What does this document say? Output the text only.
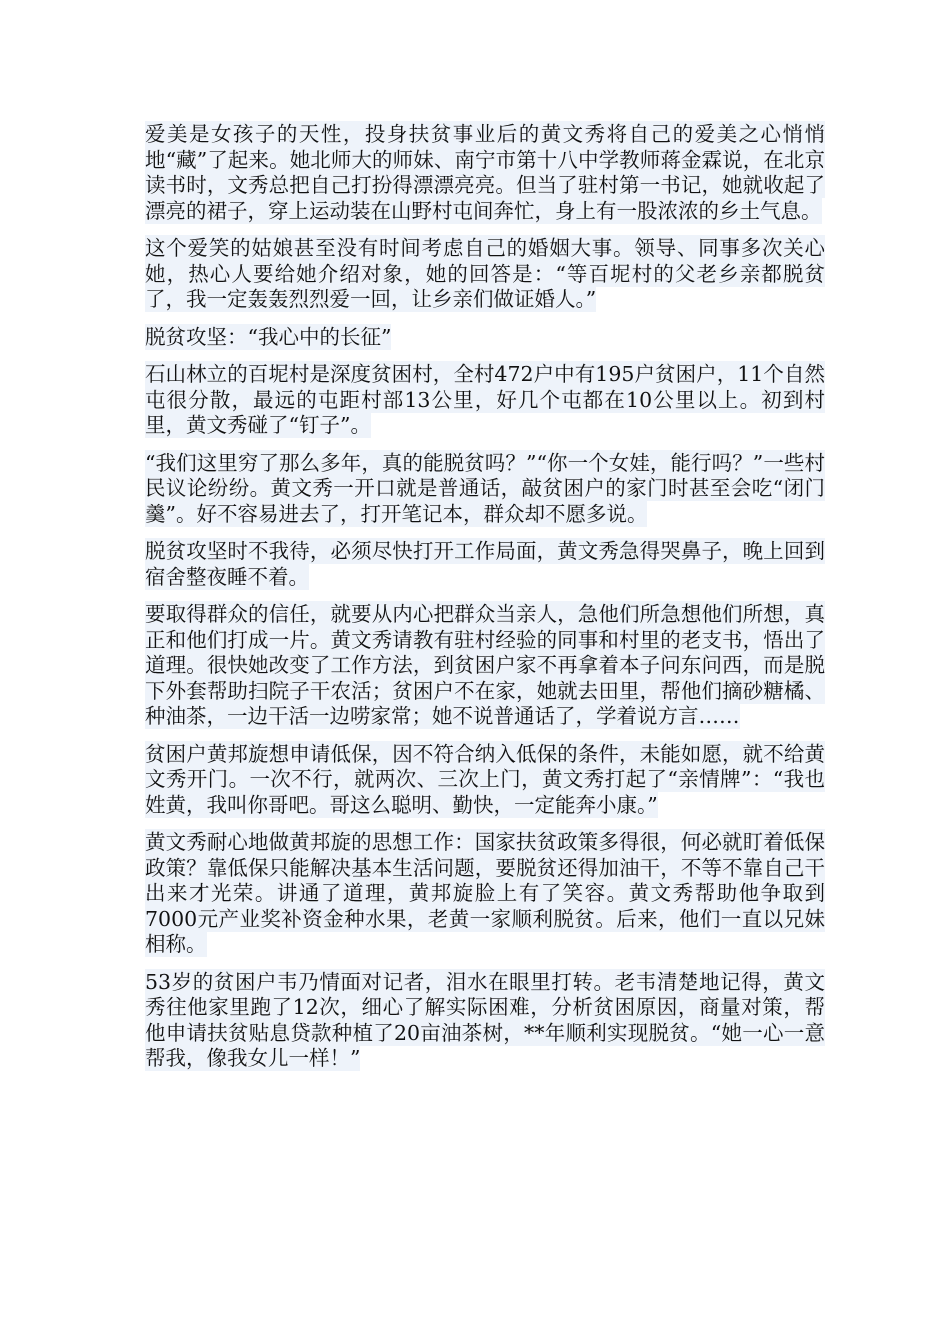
爱美是女孩子的天性，投身扶贫事业后的黄文秀将自己的爱美之心悄悄地“藏”了起来。她北师大的师妹、南宁市第十八中学教师蒋金霖说，在北京读书时，文秀总把自己打扮得漂漂亮亮。但当了驻村第一书记，她就收起了漂亮的裙子，穿上运动装在山野村屯间奔忙，身上有一股浓浓的乡土气息。

这个爱笑的姑娘甚至没有时间考虑自己的婚姻大事。领导、同事多次关心她，热心人要给她介绍对象，她的回答是：“等百坭村的父老乡亲都脱贫了，我一定轰轰烈烈爱一回，让乡亲们做证婚人。”

脱贫攻坚：“我心中的长征”

石山林立的百坭村是深度贫困村，全村472户中有195户贫困户，11个自然屯很分散，最远的屯距村部13公里，好几个屯都在10公里以上。初到村里，黄文秀碰了“钉子”。

“我们这里穷了那么多年，真的能脱贫吗？”“你一个女娃，能行吗？”一些村民议论纷纷。黄文秀一开口就是普通话，敲贫困户的家门时甚至会吃“闭门羹”。好不容易进去了，打开笔记本，群众却不愿多说。

脱贫攻坚时不我待，必须尽快打开工作局面，黄文秀急得哭鼻子，晚上回到宿舍整夜睡不着。

要取得群众的信任，就要从内心把群众当亲人，急他们所急想他们所想，真正和他们打成一片。黄文秀请教有驻村经验的同事和村里的老支书，悟出了道理。很快她改变了工作方法，到贫困户家不再拿着本子问东问西，而是脱下外套帮助扫院子干农活；贫困户不在家，她就去田里，帮他们摘砂糖橘、种油茶，一边干活一边唠家常；她不说普通话了，学着说方言……

贫困户黄邦旋想申请低保，因不符合纳入低保的条件，未能如愿，就不给黄文秀开门。一次不行，就两次、三次上门，黄文秀打起了“亲情牌”：“我也姓黄，我叫你哥吧。哥这么聪明、勤快，一定能奔小康。”

黄文秀耐心地做黄邦旋的思想工作：国家扶贫政策多得很，何必就盯着低保政策？靠低保只能解决基本生活问题，要脱贫还得加油干，不等不靠自己干出来才光荣。讲通了道理，黄邦旋脸上有了笑容。黄文秀帮助他争取到7000元产业奖补资金种水果，老黄一家顺利脱贫。后来，他们一直以兄妹相称。

53岁的贫困户韦乃情面对记者，泪水在眼里打转。老韦清楚地记得，黄文秀往他家里跑了12次，细心了解实际困难，分析贫困原因，商量对策，帮他申请扶贫贴息贷款种植了20亩油茶树，**年顺利实现脱贫。“她一心一意帮我，像我女儿一样！”
